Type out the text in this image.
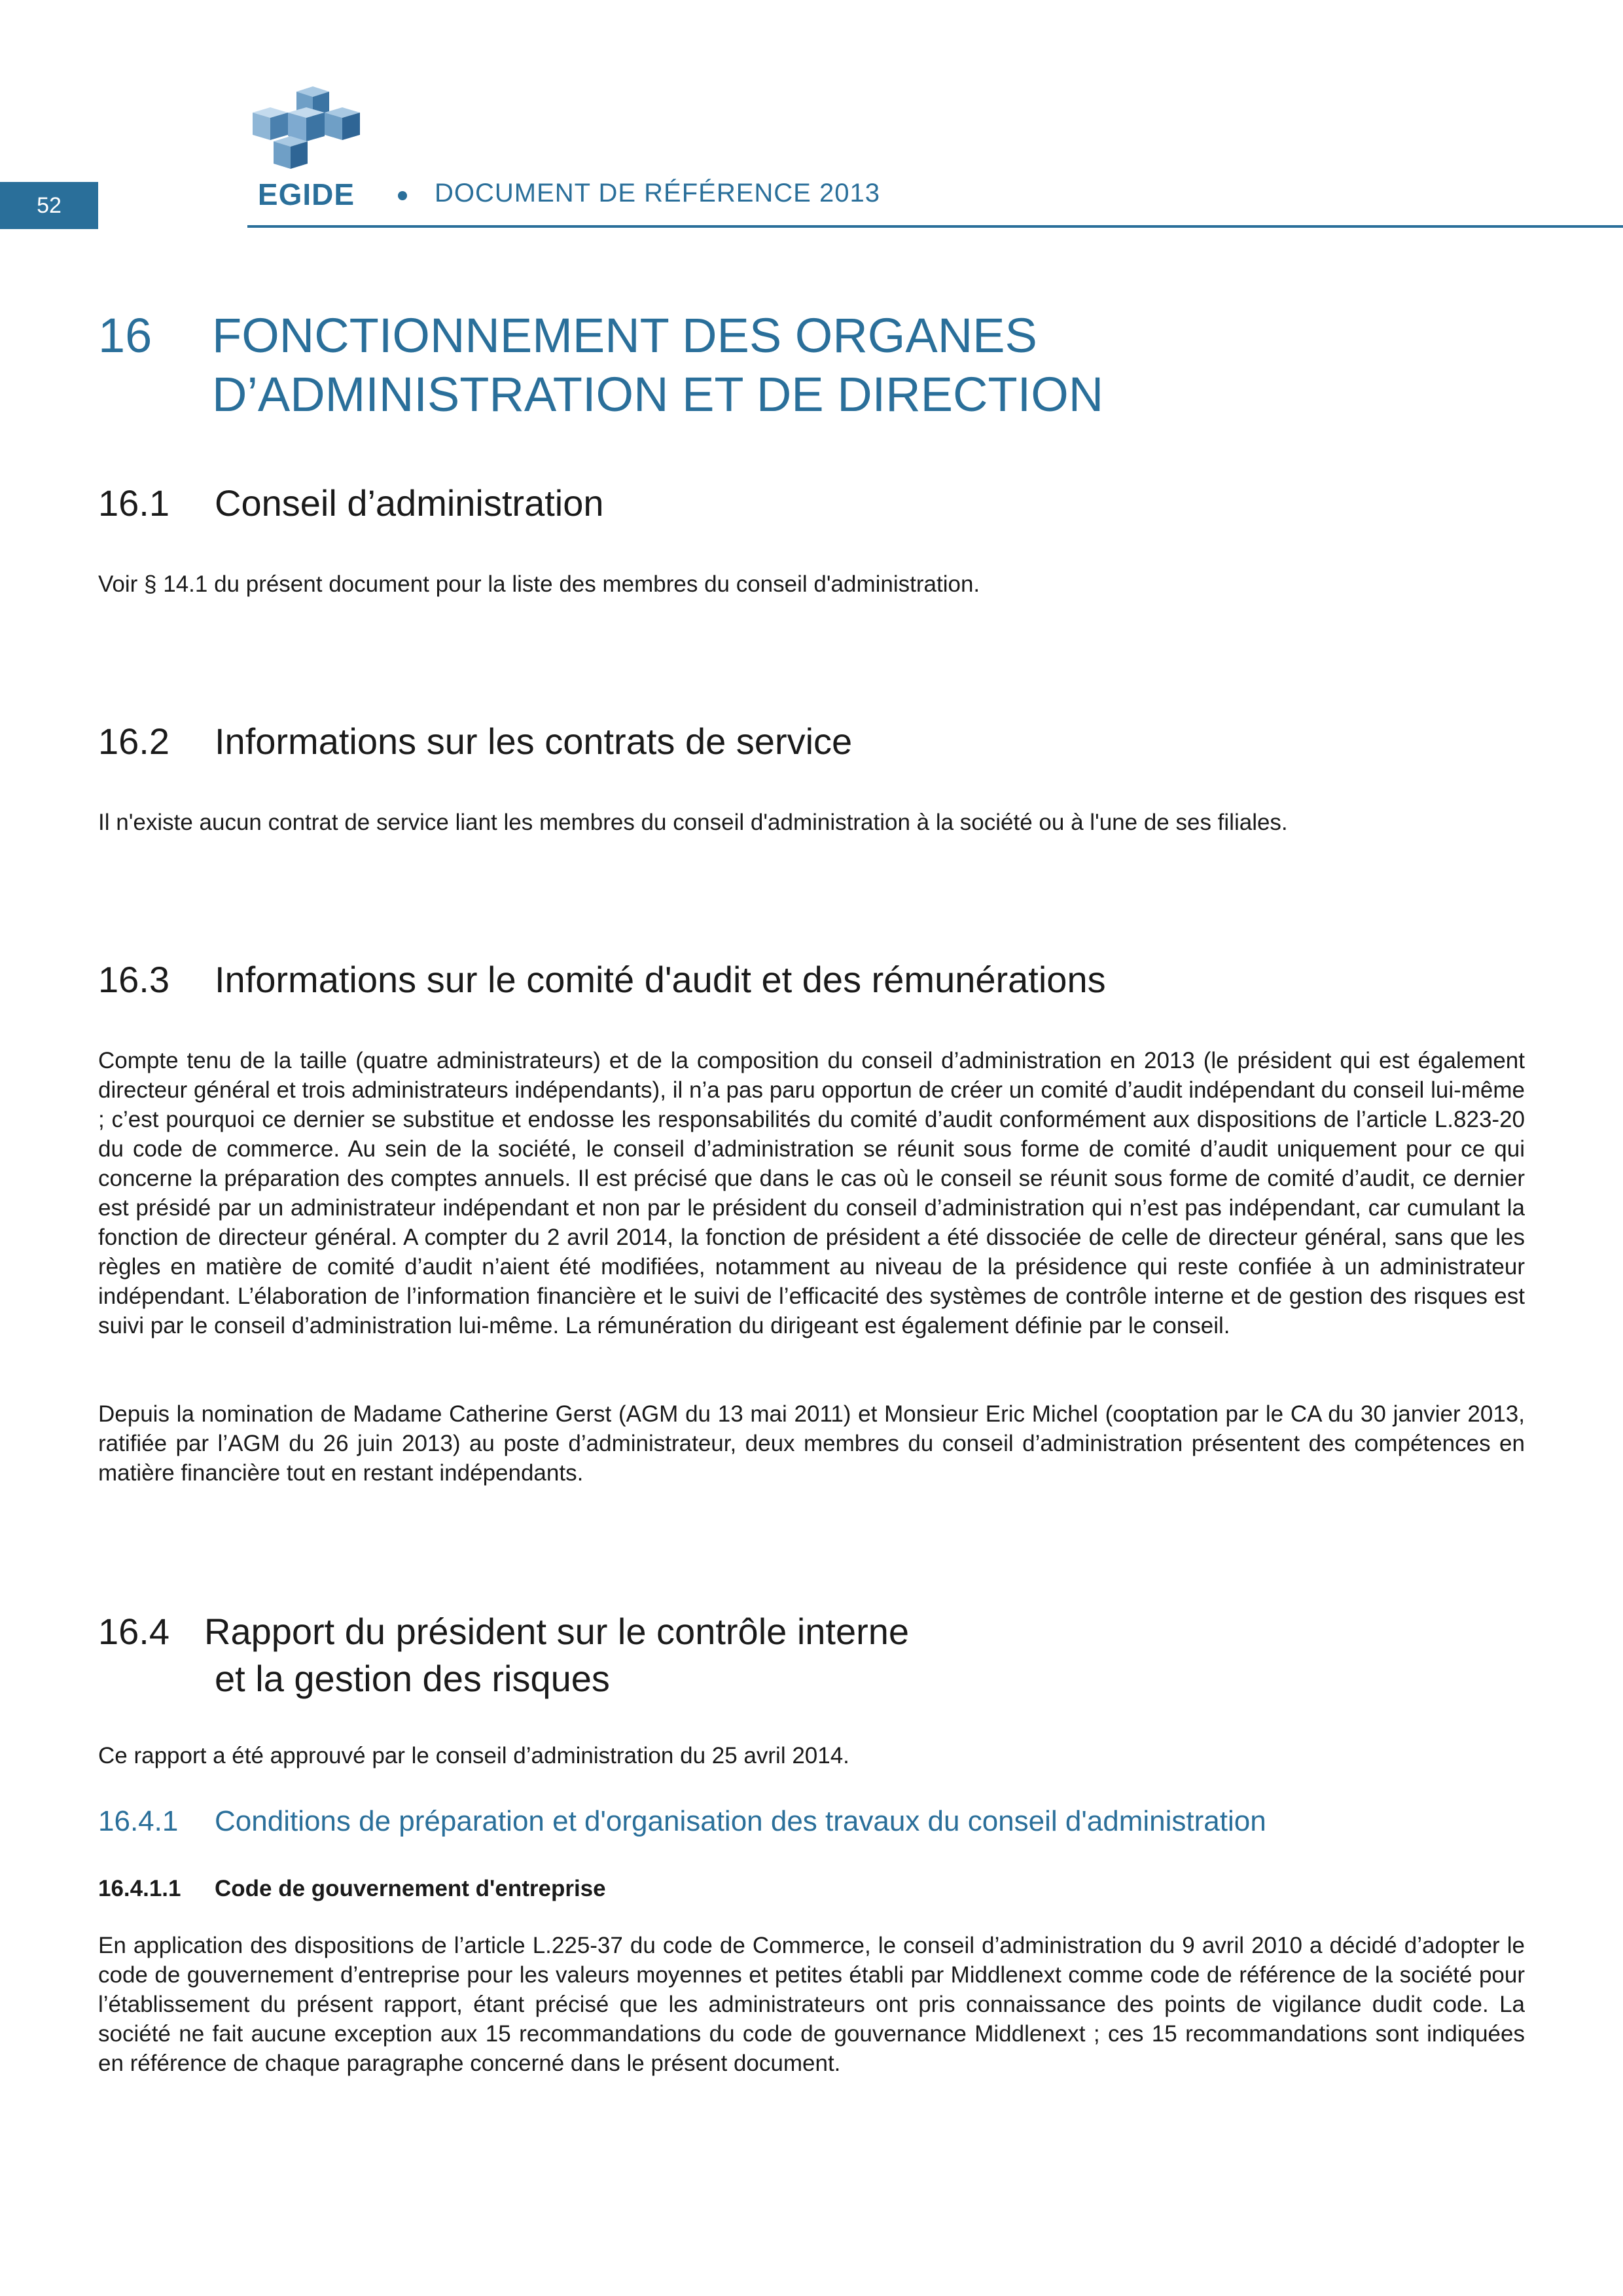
52	EGIDE	DOCUMENT DE RÉFÉRENCE 2013
16 FONCTIONNEMENT DES ORGANES
D’ADMINISTRATION ET DE DIRECTION
16.1 Conseil d’administration
Voir § 14.1 du présent document pour la liste des membres du conseil d'administration.
16.2 Informations sur les contrats de service
Il n'existe aucun contrat de service liant les membres du conseil d'administration à la société ou à l'une de ses filiales.
16.3 Informations sur le comité d'audit et des rémunérations
Compte tenu de la taille (quatre administrateurs) et de la composition du conseil d’administration en 2013 (le président qui est également directeur général et trois administrateurs indépendants), il n’a pas paru opportun de créer un comité d’audit indépendant du conseil lui-même ; c’est pourquoi ce dernier se substitue et endosse les responsabilités du comité d’audit conformément aux dispositions de l’article L.823-20 du code de commerce. Au sein de la société, le conseil d’administration se réunit sous forme de comité d’audit uniquement pour ce qui concerne la préparation des comptes annuels. Il est précisé que dans le cas où le conseil se réunit sous forme de comité d’audit, ce dernier est présidé par un administrateur indépendant et non par le président du conseil d’administration qui n’est pas indépendant, car cumulant la fonction de directeur général. A compter du 2 avril 2014, la fonction de président a été dissociée de celle de directeur général, sans que les règles en matière de comité d’audit n’aient été modifiées, notamment au niveau de la présidence qui reste confiée à un administrateur indépendant. L’élaboration de l’information financière et le suivi de l’efficacité des systèmes de contrôle interne et de gestion des risques est suivi par le conseil d’administration lui-même. La rémunération du dirigeant est également définie par le conseil.
Depuis la nomination de Madame Catherine Gerst (AGM du 13 mai 2011) et Monsieur Eric Michel (cooptation par le CA du 30 janvier 2013, ratifiée par l’AGM du 26 juin 2013) au poste d’administrateur, deux membres du conseil d’administration présentent des compétences en matière financière tout en restant indépendants.
16.4 Rapport du président sur le contrôle interne
et la gestion des risques
Ce rapport a été approuvé par le conseil d’administration du 25 avril 2014.
16.4.1 Conditions de préparation et d'organisation des travaux du conseil d'administration
16.4.1.1 Code de gouvernement d'entreprise
En application des dispositions de l’article L.225-37 du code de Commerce, le conseil d’administration du 9 avril 2010 a décidé d’adopter le code de gouvernement d’entreprise pour les valeurs moyennes et petites établi par Middlenext comme code de référence de la société pour l’établissement du présent rapport, étant précisé que les administrateurs ont pris connaissance des points de vigilance dudit code. La société ne fait aucune exception aux 15 recommandations du code de gouvernance Middlenext ; ces 15 recommandations sont indiquées en référence de chaque paragraphe concerné dans le présent document.
